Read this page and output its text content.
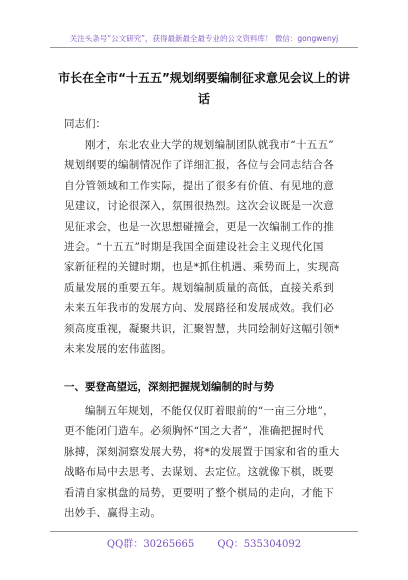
关注头条号“公文研究”，获得最新最全最专业的公文资料库！ 微信：gongwenyj
市长在全市“十五五”规划纲要编制征求意见会议上的讲话
同志们：
刚才，东北农业大学的规划编制团队就我市“十五五”
规划纲要的编制情况作了详细汇报，各位与会同志结合各
自分管领域和工作实际，提出了很多有价值、有见地的意
见建议，讨论很深入，氛围很热烈。这次会议既是一次意
见征求会，也是一次思想碰撞会，更是一次编制工作的推
进会。“十五五”时期是我国全面建设社会主义现代化国
家新征程的关键时期，也是*抓住机遇、乘势而上，实现高
质量发展的重要五年。规划编制质量的高低，直接关系到
未来五年我市的发展方向、发展路径和发展成效。我们必
须高度重视，凝聚共识，汇聚智慧，共同绘制好这幅引领*
未来发展的宏伟蓝图。
一、要登高望远，深刻把握规划编制的时与势
编制五年规划，不能仅仅盯着眼前的“一亩三分地”，
更不能闭门造车。必须胸怀“国之大者”，准确把握时代
脉搏，深刻洞察发展大势，将*的发展置于国家和省的重大
战略布局中去思考、去谋划、去定位。这就像下棋，既要
看清自家棋盘的局势，更要明了整个棋局的走向，才能下
出妙手、赢得主动。
QQ群：30265665 QQ：535304092
